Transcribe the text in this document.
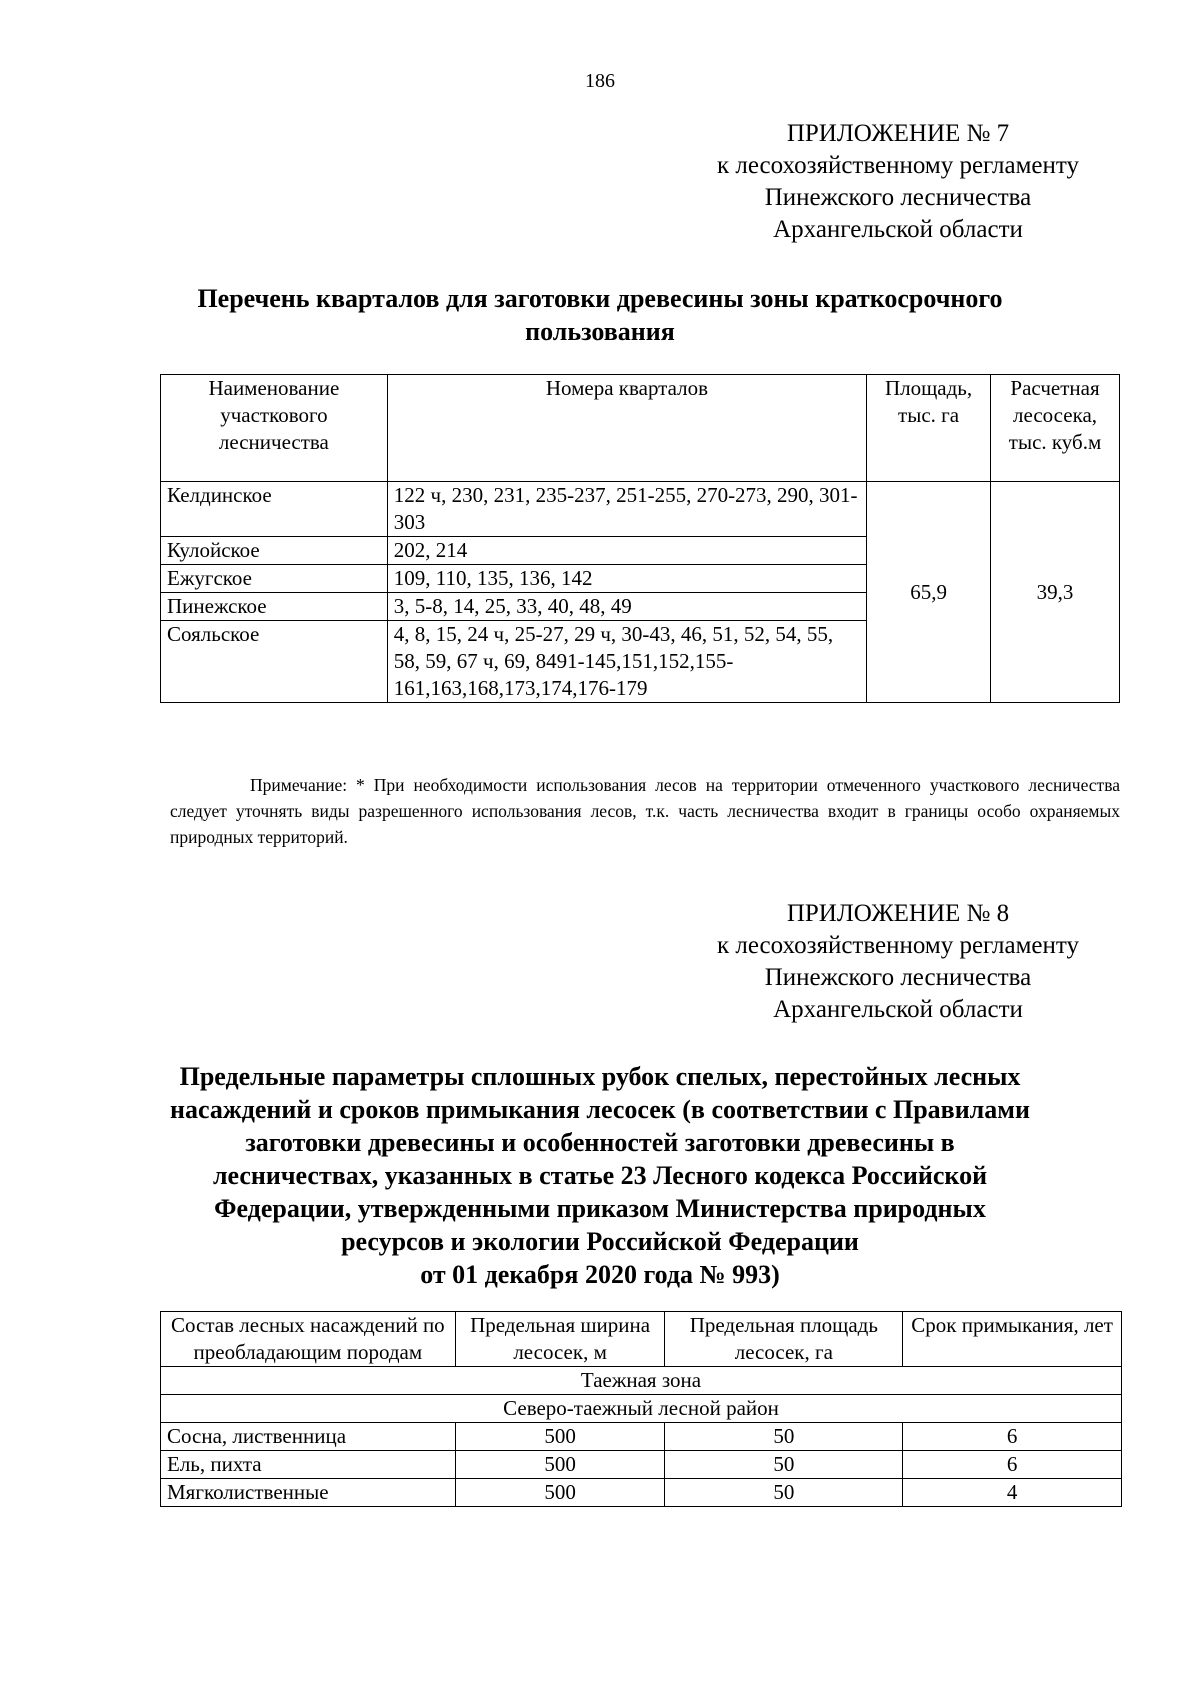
186
ПРИЛОЖЕНИЕ № 7
к лесохозяйственному регламенту
Пинежского лесничества
Архангельской области
Перечень кварталов для заготовки древесины зоны краткосрочного
пользования
Наименование участкового лесничества	Номера кварталов	Площадь, тыс. га	Расчетная лесосека, тыс. куб.м
Келдинское	122 ч, 230, 231, 235-237, 251-255, 270-273, 290, 301-303	65,9	39,3
Кулойское	202, 214		
Ежугское	109, 110, 135, 136, 142		
Пинежское	3, 5-8, 14, 25, 33, 40, 48, 49		
Сояльское	4, 8, 15, 24 ч, 25-27, 29 ч, 30-43, 46, 51, 52, 54, 55, 58, 59, 67 ч, 69, 8491-145,151,152,155-161,163,168,173,174,176-179		
Примечание: * При необходимости использования лесов на территории отмеченного участкового лесничества следует уточнять виды разрешенного использования лесов, т.к. часть лесничества входит в границы особо охраняемых природных территорий.
ПРИЛОЖЕНИЕ № 8
к лесохозяйственному регламенту
Пинежского лесничества
Архангельской области
Предельные параметры сплошных рубок спелых, перестойных лесных
насаждений и сроков примыкания лесосек (в соответствии с Правилами
заготовки древесины и особенностей заготовки древесины в
лесничествах, указанных в статье 23 Лесного кодекса Российской
Федерации, утвержденными приказом Министерства природных
ресурсов и экологии Российской Федерации
от 01 декабря 2020 года № 993)
Состав лесных насаждений по преобладающим породам	Предельная ширина лесосек, м	Предельная площадь лесосек, га	Срок примыкания, лет
Таежная зона			
Северо-таежный лесной район			
Сосна, лиственница	500	50	6
Ель, пихта	500	50	6
Мягколиственные	500	50	4
